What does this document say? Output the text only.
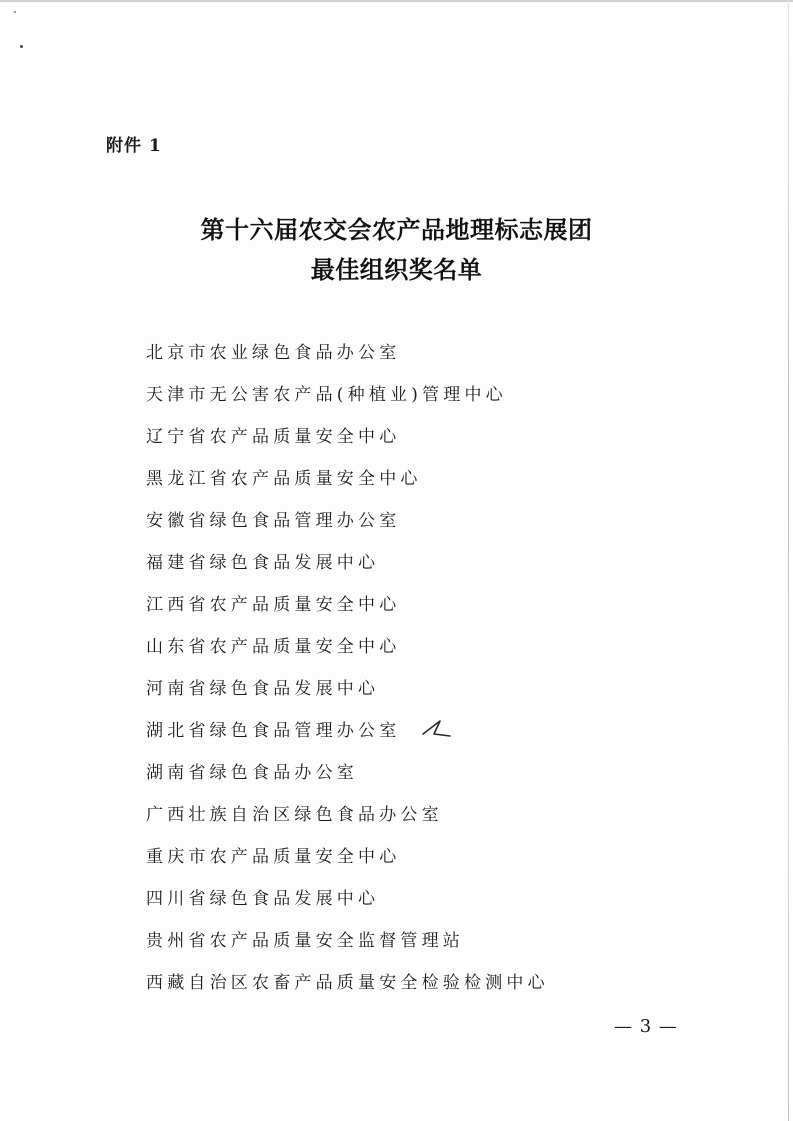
附件 1
第十六届农交会农产品地理标志展团
最佳组织奖名单
北京市农业绿色食品办公室
天津市无公害农产品(种植业)管理中心
辽宁省农产品质量安全中心
黑龙江省农产品质量安全中心
安徽省绿色食品管理办公室
福建省绿色食品发展中心
江西省农产品质量安全中心
山东省农产品质量安全中心
河南省绿色食品发展中心
湖北省绿色食品管理办公室
湖南省绿色食品办公室
广西壮族自治区绿色食品办公室
重庆市农产品质量安全中心
四川省绿色食品发展中心
贵州省农产品质量安全监督管理站
西藏自治区农畜产品质量安全检验检测中心
— 3 —
